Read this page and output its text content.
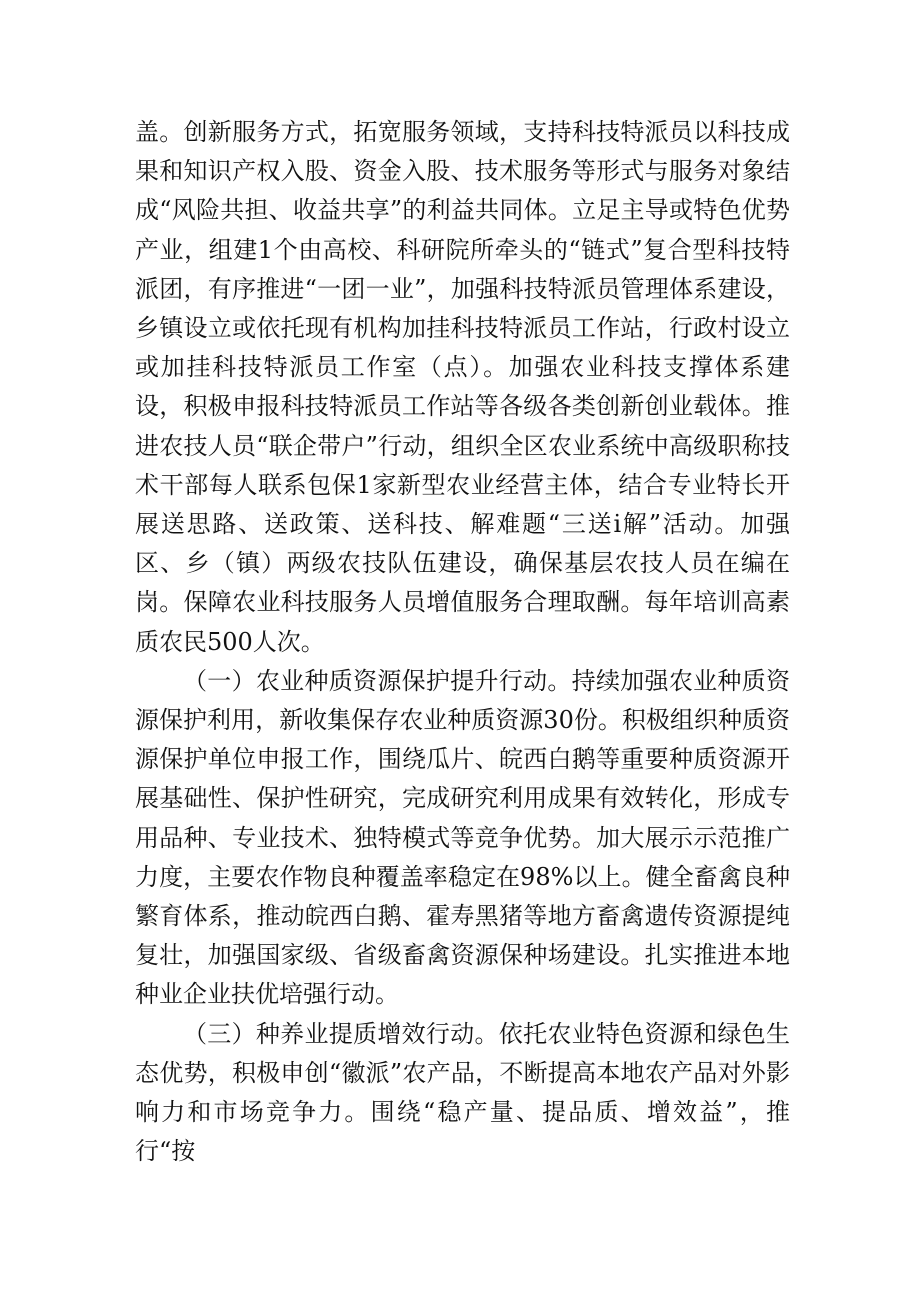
盖。创新服务方式，拓宽服务领域，支持科技特派员以科技成果和知识产权入股、资金入股、技术服务等形式与服务对象结成“风险共担、收益共享”的利益共同体。立足主导或特色优势产业，组建1个由高校、科研院所牵头的“链式”复合型科技特派团，有序推进“一团一业”，加强科技特派员管理体系建设，乡镇设立或依托现有机构加挂科技特派员工作站，行政村设立或加挂科技特派员工作室（点）。加强农业科技支撑体系建设，积极申报科技特派员工作站等各级各类创新创业载体。推进农技人员“联企带户”行动，组织全区农业系统中高级职称技术干部每人联系包保1家新型农业经营主体，结合专业特长开展送思路、送政策、送科技、解难题“三送i解”活动。加强区、乡（镇）两级农技队伍建设，确保基层农技人员在编在岗。保障农业科技服务人员增值服务合理取酬。每年培训高素质农民500人次。

（一）农业种质资源保护提升行动。持续加强农业种质资源保护利用，新收集保存农业种质资源30份。积极组织种质资源保护单位申报工作，围绕瓜片、皖西白鹅等重要种质资源开展基础性、保护性研究，完成研究利用成果有效转化，形成专用品种、专业技术、独特模式等竞争优势。加大展示示范推广力度，主要农作物良种覆盖率稳定在98%以上。健全畜禽良种繁育体系，推动皖西白鹅、霍寿黑猪等地方畜禽遗传资源提纯复壮，加强国家级、省级畜禽资源保种场建设。扎实推进本地种业企业扶优培强行动。

（三）种养业提质增效行动。依托农业特色资源和绿色生态优势，积极申创“徽派”农产品，不断提高本地农产品对外影响力和市场竞争力。围绕“稳产量、提品质、增效益”，推行“按
